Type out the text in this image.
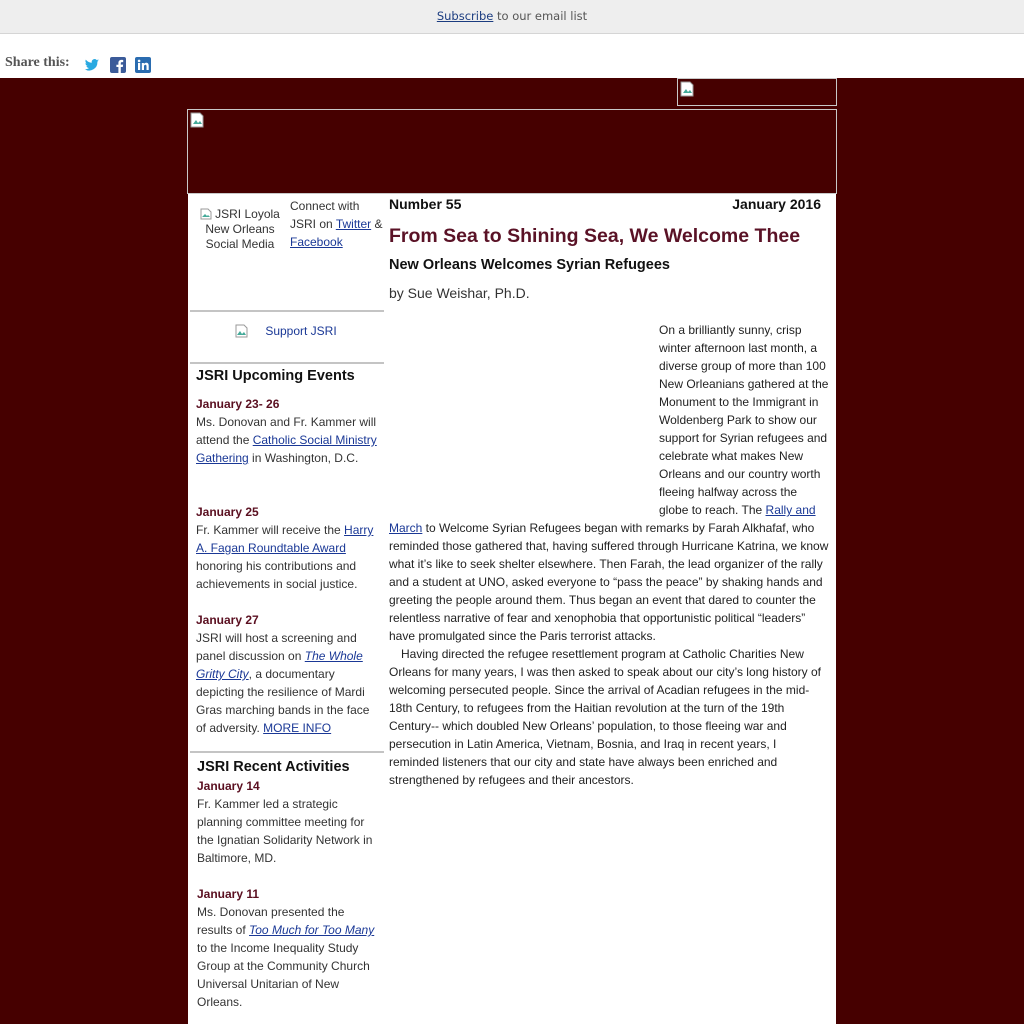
Subscribe to our email list
Share this:
JSRI Loyola New Orleans Social Media
Connect with JSRI on Twitter & Facebook
Support JSRI
JSRI Upcoming Events
January 23- 26
Ms. Donovan and Fr. Kammer will attend the Catholic Social Ministry Gathering in Washington, D.C.
January 25
Fr. Kammer will receive the Harry A. Fagan Roundtable Award honoring his contributions and achievements in social justice.
January 27
JSRI will host a screening and panel discussion on The Whole Gritty City, a documentary depicting the resilience of Mardi Gras marching bands in the face of adversity. MORE INFO
JSRI Recent Activities
January 14
Fr. Kammer led a strategic planning committee meeting for the Ignatian Solidarity Network in Baltimore, MD.
January 11
Ms. Donovan presented the results of Too Much for Too Many to the Income Inequality Study Group at the Community Church Universal Unitarian of New Orleans.
Number 55	January 2016
From Sea to Shining Sea, We Welcome Thee
New Orleans Welcomes Syrian Refugees
by Sue Weishar, Ph.D.

On a brilliantly sunny, crisp winter afternoon last month, a diverse group of more than 100 New Orleanians gathered at the Monument to the Immigrant in Woldenberg Park to show our support for Syrian refugees and celebrate what makes New Orleans and our country worth fleeing halfway across the globe to reach. The Rally and March to Welcome Syrian Refugees began with remarks by Farah Alkhafaf, who reminded those gathered that, having suffered through Hurricane Katrina, we know what it’s like to seek shelter elsewhere. Then Farah, the lead organizer of the rally and a student at UNO, asked everyone to “pass the peace” by shaking hands and greeting the people around them. Thus began an event that dared to counter the relentless narrative of fear and xenophobia that opportunistic political “leaders” have promulgated since the Paris terrorist attacks.

Having directed the refugee resettlement program at Catholic Charities New Orleans for many years, I was then asked to speak about our city’s long history of welcoming persecuted people. Since the arrival of Acadian refugees in the mid-18th Century, to refugees from the Haitian revolution at the turn of the 19th Century-- which doubled New Orleans’ population, to those fleeing war and persecution in Latin America, Vietnam, Bosnia, and Iraq in recent years, I reminded listeners that our city and state have always been enriched and strengthened by refugees and their ancestors.
